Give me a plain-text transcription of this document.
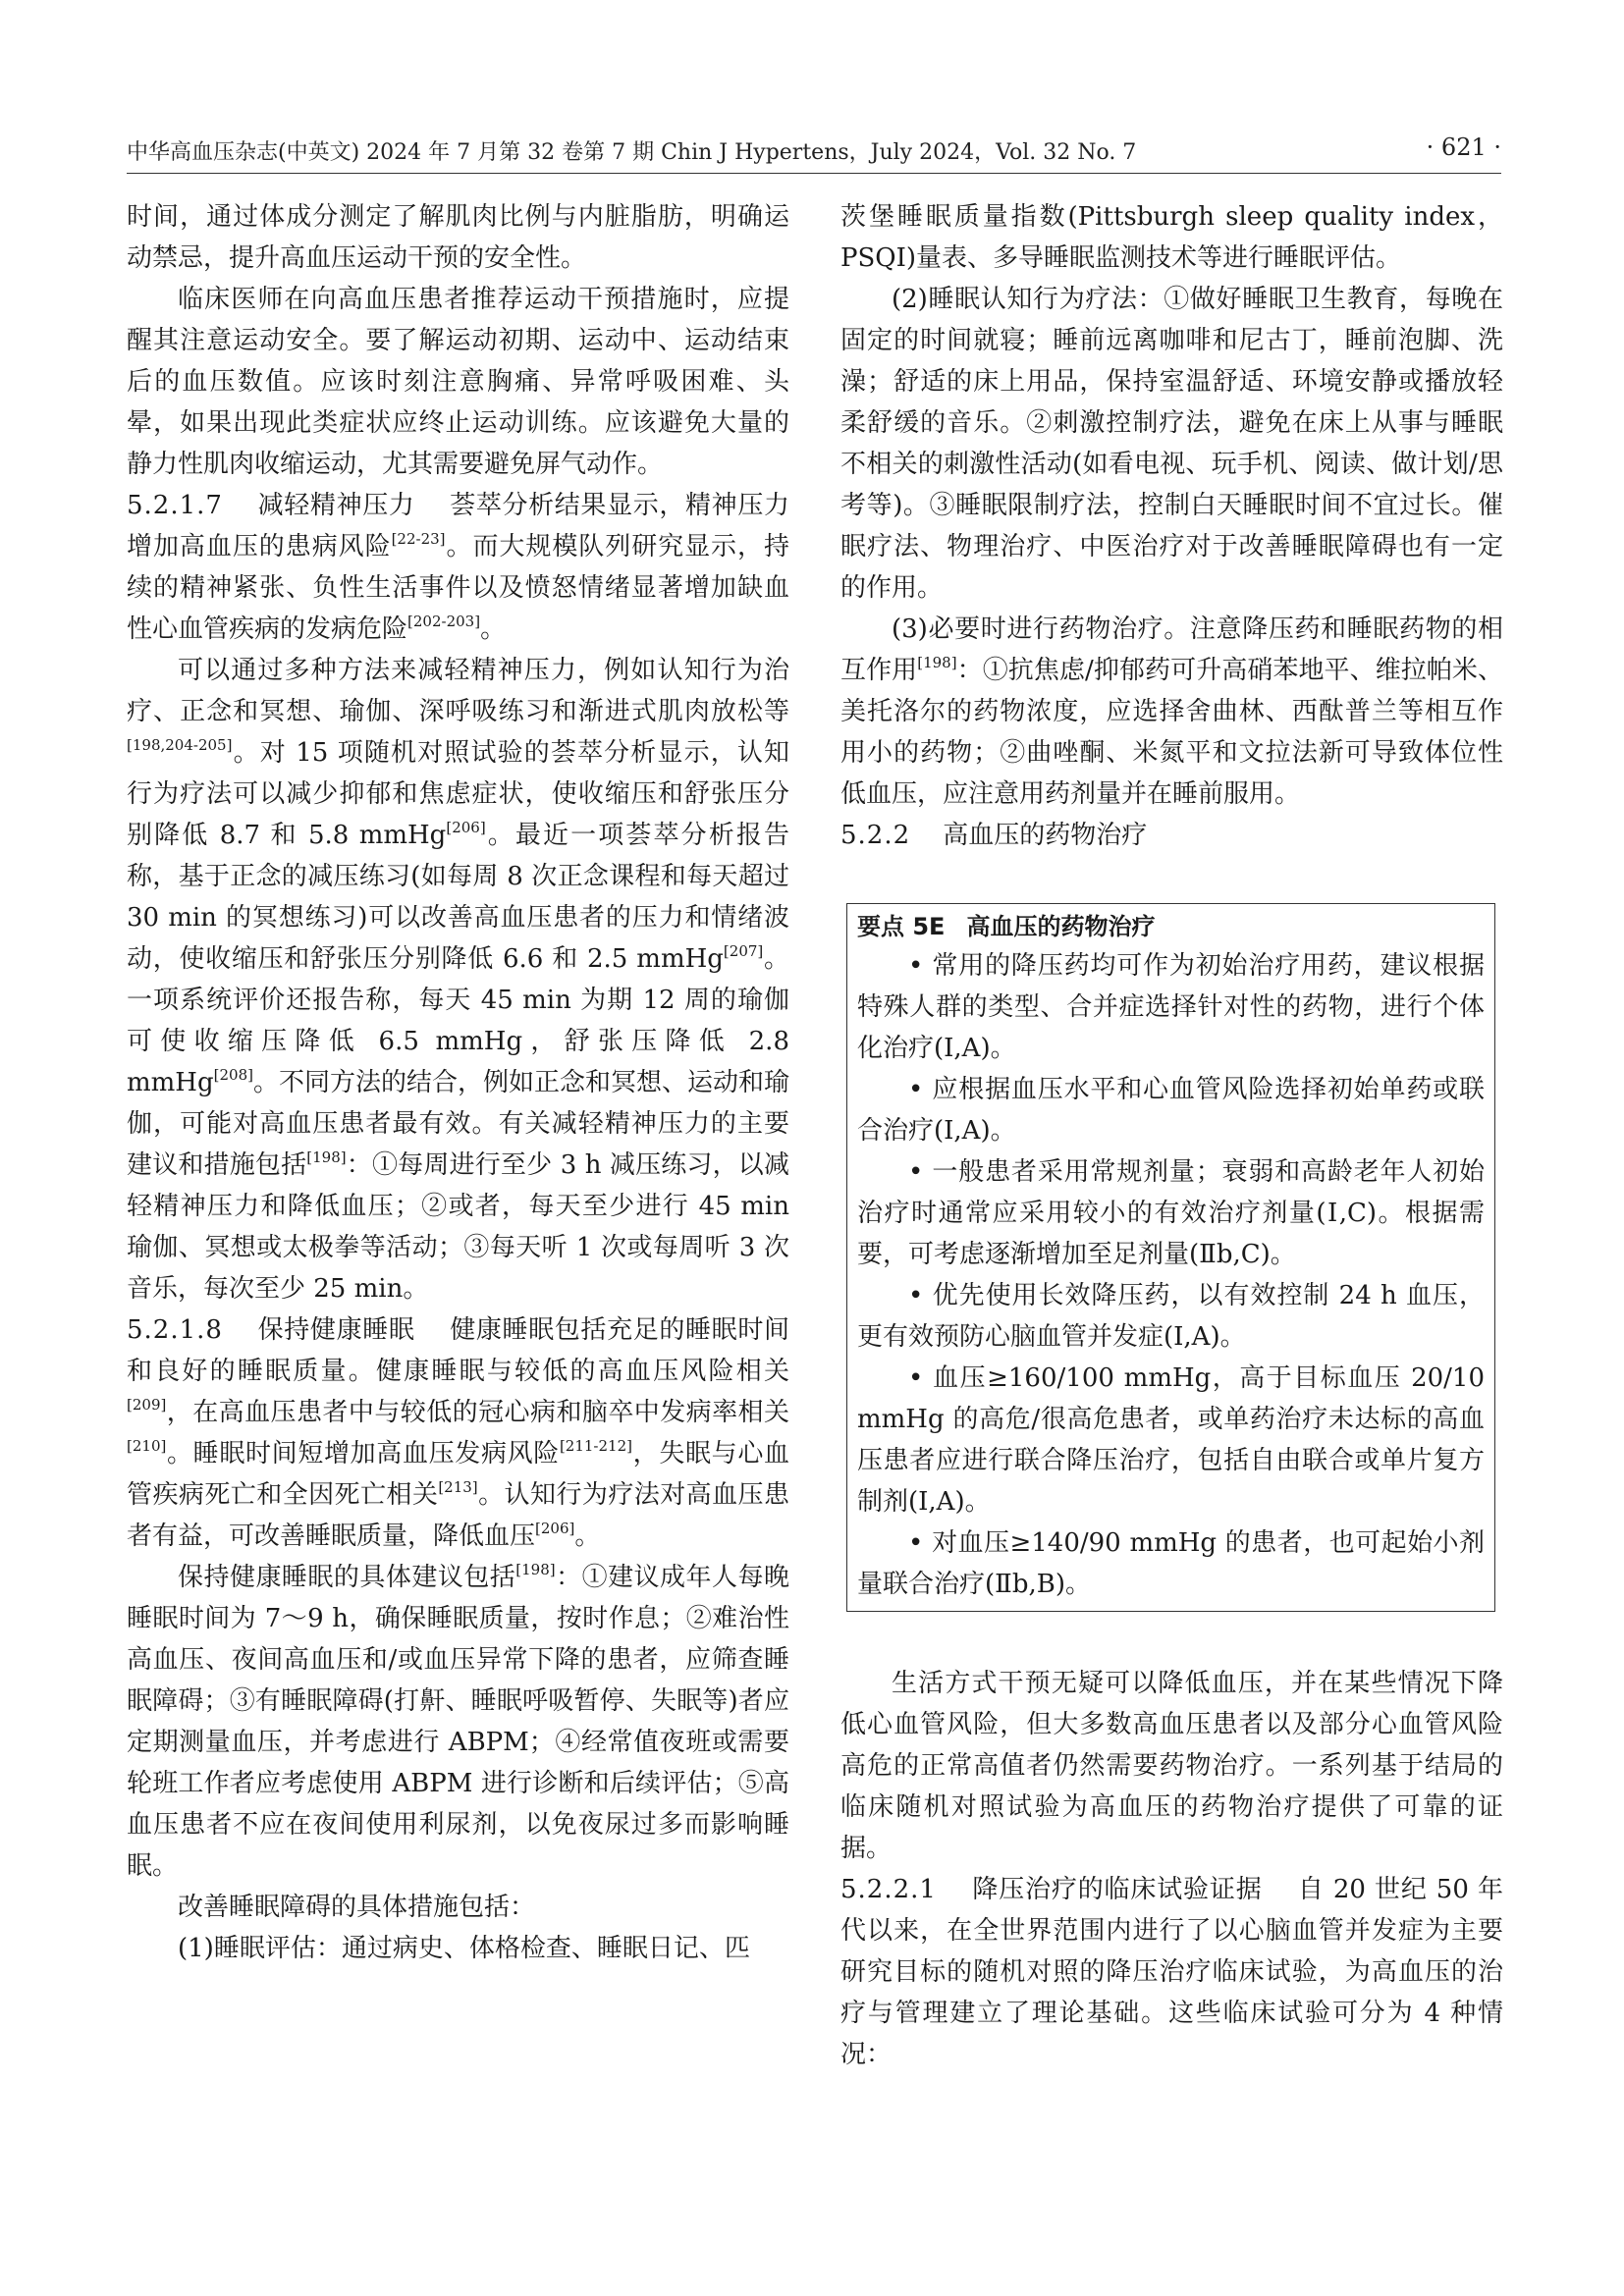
中华高血压杂志(中英文) 2024 年 7 月第 32 卷第 7 期 Chin J Hypertens，July 2024，Vol. 32 No. 7	· 621 ·

时间，通过体成分测定了解肌肉比例与内脏脂肪，明确运动禁忌，提升高血压运动干预的安全性。

临床医师在向高血压患者推荐运动干预措施时，应提醒其注意运动安全。要了解运动初期、运动中、运动结束后的血压数值。应该时刻注意胸痛、异常呼吸困难、头晕，如果出现此类症状应终止运动训练。应该避免大量的静力性肌肉收缩运动，尤其需要避免屏气动作。

5.2.1.7 减轻精神压力 荟萃分析结果显示，精神压力增加高血压的患病风险[22-23]。而大规模队列研究显示，持续的精神紧张、负性生活事件以及愤怒情绪显著增加缺血性心血管疾病的发病危险[202-203]。

可以通过多种方法来减轻精神压力，例如认知行为治疗、正念和冥想、瑜伽、深呼吸练习和渐进式肌肉放松等[198,204-205]。对 15 项随机对照试验的荟萃分析显示，认知行为疗法可以减少抑郁和焦虑症状，使收缩压和舒张压分别降低 8.7 和 5.8 mmHg[206]。最近一项荟萃分析报告称，基于正念的减压练习(如每周 8 次正念课程和每天超过 30 min 的冥想练习)可以改善高血压患者的压力和情绪波动，使收缩压和舒张压分别降低 6.6 和 2.5 mmHg[207]。一项系统评价还报告称，每天 45 min 为期 12 周的瑜伽可使收缩压降低 6.5 mmHg，舒张压降低 2.8 mmHg[208]。不同方法的结合，例如正念和冥想、运动和瑜伽，可能对高血压患者最有效。有关减轻精神压力的主要建议和措施包括[198]：①每周进行至少 3 h 减压练习，以减轻精神压力和降低血压；②或者，每天至少进行 45 min 瑜伽、冥想或太极拳等活动；③每天听 1 次或每周听 3 次音乐，每次至少 25 min。

5.2.1.8 保持健康睡眠 健康睡眠包括充足的睡眠时间和良好的睡眠质量。健康睡眠与较低的高血压风险相关[209]，在高血压患者中与较低的冠心病和脑卒中发病率相关[210]。睡眠时间短增加高血压发病风险[211-212]，失眠与心血管疾病死亡和全因死亡相关[213]。认知行为疗法对高血压患者有益，可改善睡眠质量，降低血压[206]。

保持健康睡眠的具体建议包括[198]：①建议成年人每晚睡眠时间为 7～9 h，确保睡眠质量，按时作息；②难治性高血压、夜间高血压和/或血压异常下降的患者，应筛查睡眠障碍；③有睡眠障碍(打鼾、睡眠呼吸暂停、失眠等)者应定期测量血压，并考虑进行 ABPM；④经常值夜班或需要轮班工作者应考虑使用 ABPM 进行诊断和后续评估；⑤高血压患者不应在夜间使用利尿剂，以免夜尿过多而影响睡眠。

改善睡眠障碍的具体措施包括：

(1)睡眠评估：通过病史、体格检查、睡眠日记、匹

茨堡睡眠质量指数(Pittsburgh sleep quality index，PSQI)量表、多导睡眠监测技术等进行睡眠评估。

(2)睡眠认知行为疗法：①做好睡眠卫生教育，每晚在固定的时间就寝；睡前远离咖啡和尼古丁，睡前泡脚、洗澡；舒适的床上用品，保持室温舒适、环境安静或播放轻柔舒缓的音乐。②刺激控制疗法，避免在床上从事与睡眠不相关的刺激性活动(如看电视、玩手机、阅读、做计划/思考等)。③睡眠限制疗法，控制白天睡眠时间不宜过长。催眠疗法、物理治疗、中医治疗对于改善睡眠障碍也有一定的作用。

(3)必要时进行药物治疗。注意降压药和睡眠药物的相互作用[198]：①抗焦虑/抑郁药可升高硝苯地平、维拉帕米、美托洛尔的药物浓度，应选择舍曲林、西酞普兰等相互作用小的药物；②曲唑酮、米氮平和文拉法新可导致体位性低血压，应注意用药剂量并在睡前服用。

5.2.2 高血压的药物治疗

要点 5E 高血压的药物治疗

• 常用的降压药均可作为初始治疗用药，建议根据特殊人群的类型、合并症选择针对性的药物，进行个体化治疗(Ⅰ,A)。

• 应根据血压水平和心血管风险选择初始单药或联合治疗(Ⅰ,A)。

• 一般患者采用常规剂量；衰弱和高龄老年人初始治疗时通常应采用较小的有效治疗剂量(Ⅰ,C)。根据需要，可考虑逐渐增加至足剂量(Ⅱb,C)。

• 优先使用长效降压药，以有效控制 24 h 血压，更有效预防心脑血管并发症(Ⅰ,A)。

• 血压≥160/100 mmHg，高于目标血压 20/10 mmHg 的高危/很高危患者，或单药治疗未达标的高血压患者应进行联合降压治疗，包括自由联合或单片复方制剂(Ⅰ,A)。

• 对血压≥140/90 mmHg 的患者，也可起始小剂量联合治疗(Ⅱb,B)。

生活方式干预无疑可以降低血压，并在某些情况下降低心血管风险，但大多数高血压患者以及部分心血管风险高危的正常高值者仍然需要药物治疗。一系列基于结局的临床随机对照试验为高血压的药物治疗提供了可靠的证据。

5.2.2.1 降压治疗的临床试验证据 自 20 世纪 50 年代以来，在全世界范围内进行了以心脑血管并发症为主要研究目标的随机对照的降压治疗临床试验，为高血压的治疗与管理建立了理论基础。这些临床试验可分为 4 种情况：
